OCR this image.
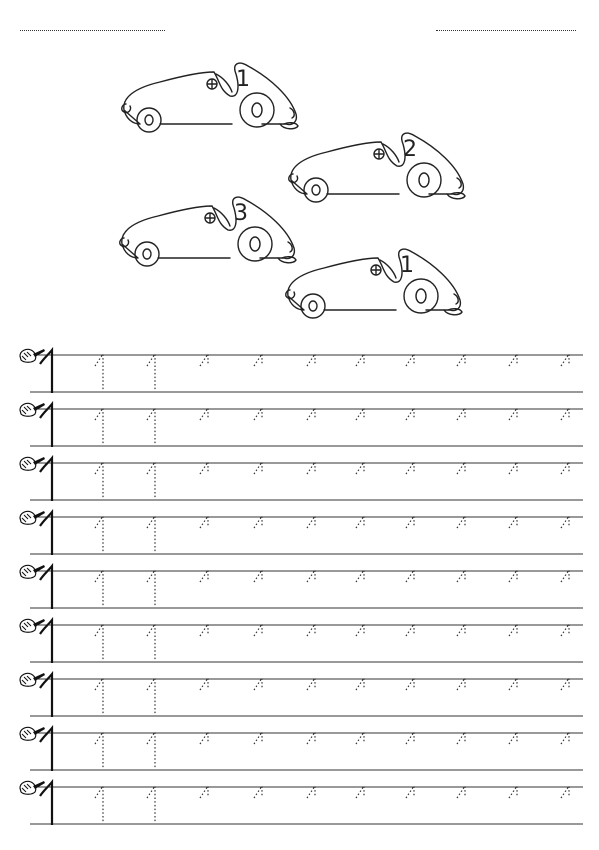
1
2
3
1
